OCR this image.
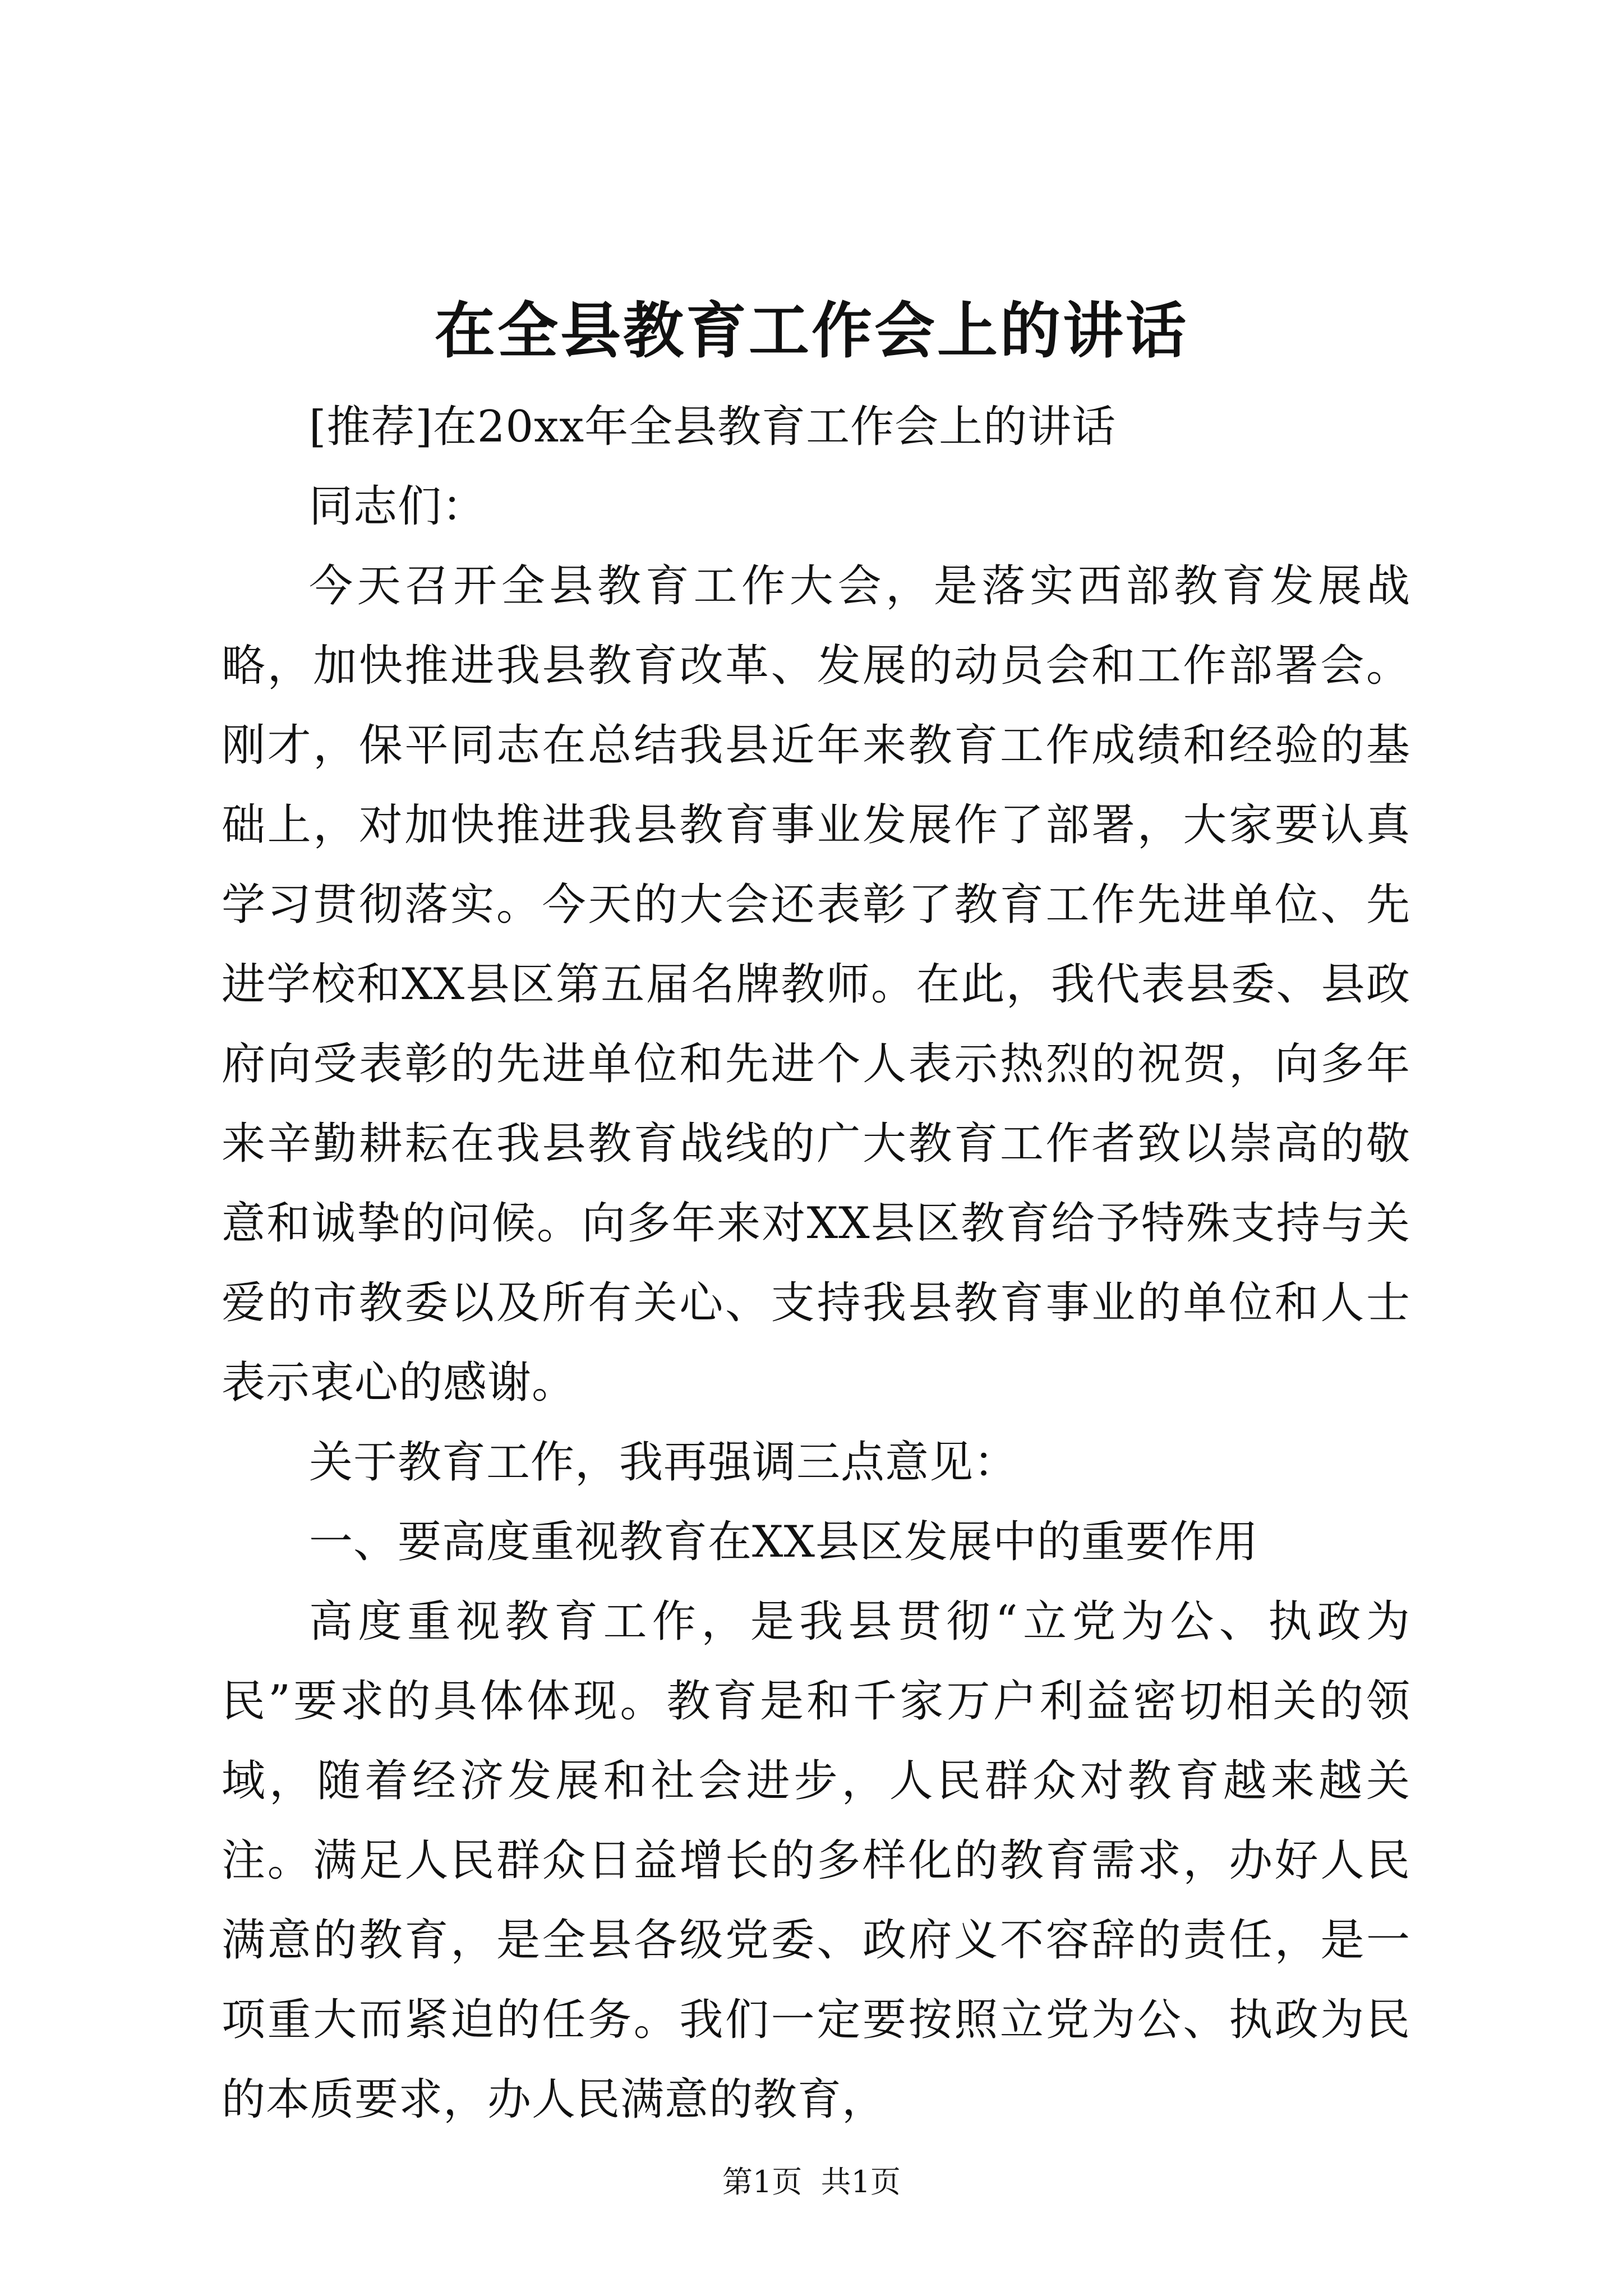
在全县教育工作会上的讲话

[推荐]在20xx年全县教育工作会上的讲话

同志们：

今天召开全县教育工作大会，是落实西部教育发展战略，加快推进我县教育改革、发展的动员会和工作部署会。刚才，保平同志在总结我县近年来教育工作成绩和经验的基础上，对加快推进我县教育事业发展作了部署，大家要认真学习贯彻落实。今天的大会还表彰了教育工作先进单位、先进学校和XX县区第五届名牌教师。在此，我代表县委、县政府向受表彰的先进单位和先进个人表示热烈的祝贺，向多年来辛勤耕耘在我县教育战线的广大教育工作者致以崇高的敬意和诚挚的问候。向多年来对XX县区教育给予特殊支持与关爱的市教委以及所有关心、支持我县教育事业的单位和人士表示衷心的感谢。

关于教育工作，我再强调三点意见：

一、要高度重视教育在XX县区发展中的重要作用

高度重视教育工作，是我县贯彻“立党为公、执政为民”要求的具体体现。教育是和千家万户利益密切相关的领域，随着经济发展和社会进步，人民群众对教育越来越关注。满足人民群众日益增长的多样化的教育需求，办好人民满意的教育，是全县各级党委、政府义不容辞的责任，是一项重大而紧迫的任务。我们一定要按照立党为公、执政为民的本质要求，办人民满意的教育，

第1页 共1页
